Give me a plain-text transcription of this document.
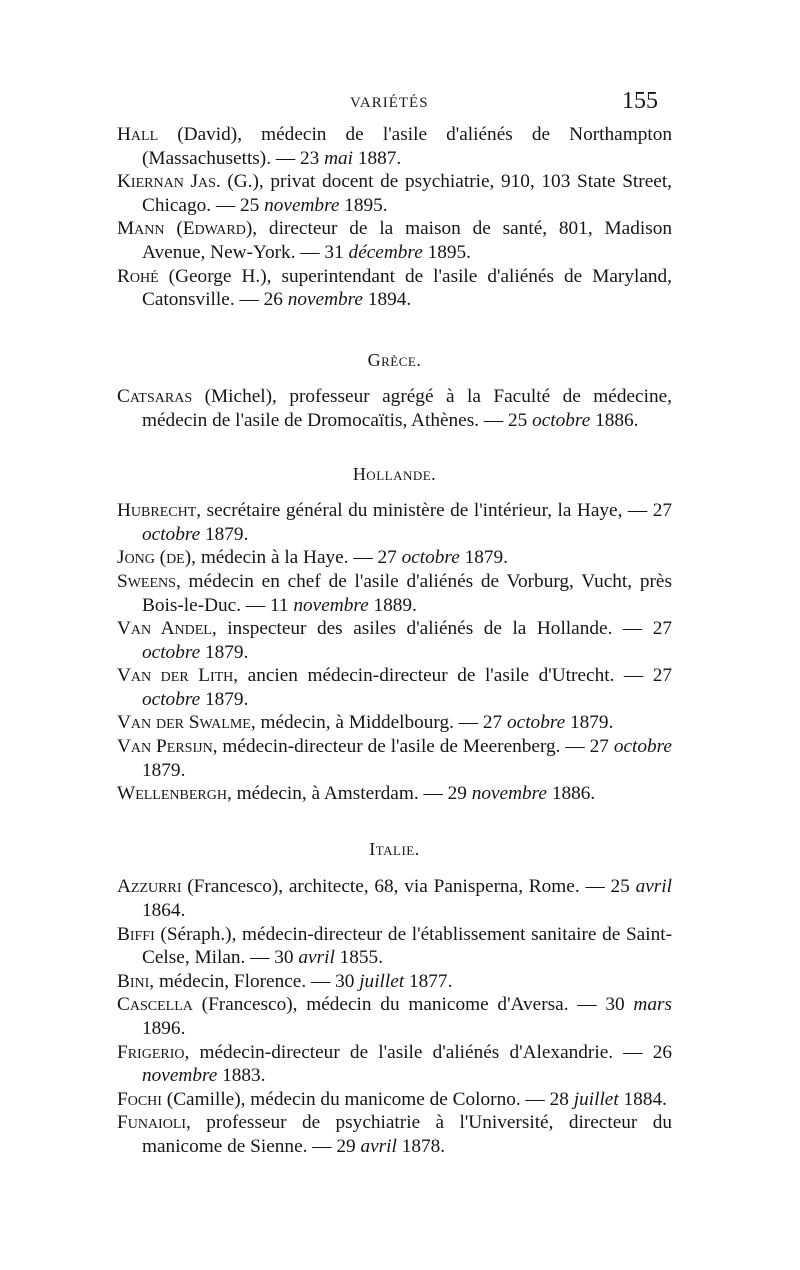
VARIÉTÉS	155
Hall (David), médecin de l'asile d'aliénés de Northampton (Massachusetts). — 23 mai 1887.
Kiernan Jas. (G.), privat docent de psychiatrie, 910, 103 State Street, Chicago. — 25 novembre 1895.
Mann (Edward), directeur de la maison de santé, 801, Madison Avenue, New-York. — 31 décembre 1895.
Rohé (George H.), superintendant de l'asile d'aliénés de Maryland, Catonsville. — 26 novembre 1894.
Grèce.
Catsaras (Michel), professeur agrégé à la Faculté de médecine, médecin de l'asile de Dromocaïtis, Athènes. — 25 octobre 1886.
Hollande.
Hubrecht, secrétaire général du ministère de l'intérieur, la Haye, — 27 octobre 1879.
Jong (de), médecin à la Haye. — 27 octobre 1879.
Sweens, médecin en chef de l'asile d'aliénés de Vorburg, Vucht, près Bois-le-Duc. — 11 novembre 1889.
Van Andel, inspecteur des asiles d'aliénés de la Hollande. — 27 octobre 1879.
Van der Lith, ancien médecin-directeur de l'asile d'Utrecht. — 27 octobre 1879.
Van der Swalme, médecin, à Middelbourg. — 27 octobre 1879.
Van Persijn, médecin-directeur de l'asile de Meerenberg. — 27 octobre 1879.
Wellenbergh, médecin, à Amsterdam. — 29 novembre 1886.
Italie.
Azzurri (Francesco), architecte, 68, via Panisperna, Rome. — 25 avril 1864.
Biffi (Séraph.), médecin-directeur de l'établissement sanitaire de Saint-Celse, Milan. — 30 avril 1855.
Bini, médecin, Florence. — 30 juillet 1877.
Cascella (Francesco), médecin du manicome d'Aversa. — 30 mars 1896.
Frigerio, médecin-directeur de l'asile d'aliénés d'Alexandrie. — 26 novembre 1883.
Fochi (Camille), médecin du manicome de Colorno. — 28 juillet 1884.
Funaioli, professeur de psychiatrie à l'Université, directeur du manicome de Sienne. — 29 avril 1878.
